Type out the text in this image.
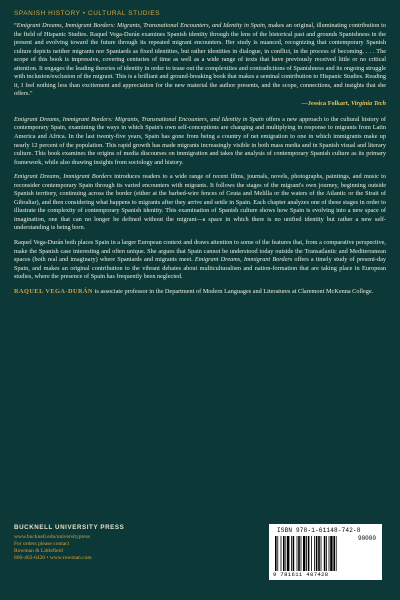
SPANISH HISTORY • CULTURAL STUDIES

“Emigrant Dreams, Immigrant Borders: Migrants, Transnational Encounters, and Identity in Spain, makes an original, illuminating contribution to the field of Hispanic Studies. Raquel Vega-Durán examines Spanish identity through the lens of the historical past and grounds Spanishness in the present and evolving toward the future through its repeated migrant encounters. Her study is nuanced, recognizing that contemporary Spanish culture depicts neither migrants nor Spaniards as fixed identities, but rather identities in dialogue, in conflict, in the process of becoming. . . . The scope of this book is impressive, covering centuries of time as well as a wide range of texts that have previously received little or no critical attention. It engages the leading theories of identity in order to tease out the complexities and contradictions of Spanishness and its ongoing struggle with inclusion/exclusion of the migrant. This is a brilliant and ground-breaking book that makes a seminal contribution to Hispanic Studies. Reading it, I feel nothing less than excitement and appreciation for the new material the author presents, and the scope, connections, and insights that she offers."

—Jessica Folkart, Virginia Tech

Emigrant Dreams, Immigrant Borders: Migrants, Transnational Encounters, and Identity in Spain offers a new approach to the cultural history of contemporary Spain, examining the ways in which Spain's own self-conceptions are changing and multiplying in response to migrants from Latin America and Africa. In the last twenty-five years, Spain has gone from being a country of net emigration to one in which immigrants make up nearly 12 percent of the population. This rapid growth has made migrants increasingly visible in both mass media and in Spanish visual and literary culture. This book examines the origins of media discourses on immigration and takes the analysis of contemporary Spanish culture as its primary framework, while also drawing insights from sociology and history.

Emigrant Dreams, Immigrant Borders introduces readers to a wide range of recent films, journals, novels, photographs, paintings, and music to reconsider contemporary Spain through its varied encounters with migrants. It follows the stages of the migrant's own journey, beginning outside Spanish territory, continuing across the border (either at the barbed-wire fences of Ceuta and Melilla or the waters of the Atlantic or the Strait of Gibraltar), and then considering what happens to migrants after they arrive and settle in Spain. Each chapter analyzes one of these stages in order to illustrate the complexity of contemporary Spanish identity. This examination of Spanish culture shows how Spain is evolving into a new space of imagination, one that can no longer be defined without the migrant—a space in which there is no unified identity but rather a new self-understanding is being born.

Raquel Vega-Durán both places Spain in a larger European context and draws attention to some of the features that, from a comparative perspective, make the Spanish case interesting and often unique. She argues that Spain cannot be understood today outside the Transatlantic and Mediterranean spaces (both real and imaginary) where Spaniards and migrants meet. Emigrant Dreams, Immigrant Borders offers a timely study of present-day Spain, and makes an original contribution to the vibrant debates about multiculturalism and nation-formation that are taking place in European studies, where the presence of Spain has frequently been neglected.

RAQUEL VEGA-DURÁN is associate professor in the Department of Modern Languages and Literatures at Claremont McKenna College.

BUCKNELL UNIVERSITY PRESS
www.bucknell.edu/universitypress
For orders please contact
Rowman & Littlefield
800-462-6420 • www.rowman.com
ISBN 978-1-61148-742-8
90000
9 781611 487428
